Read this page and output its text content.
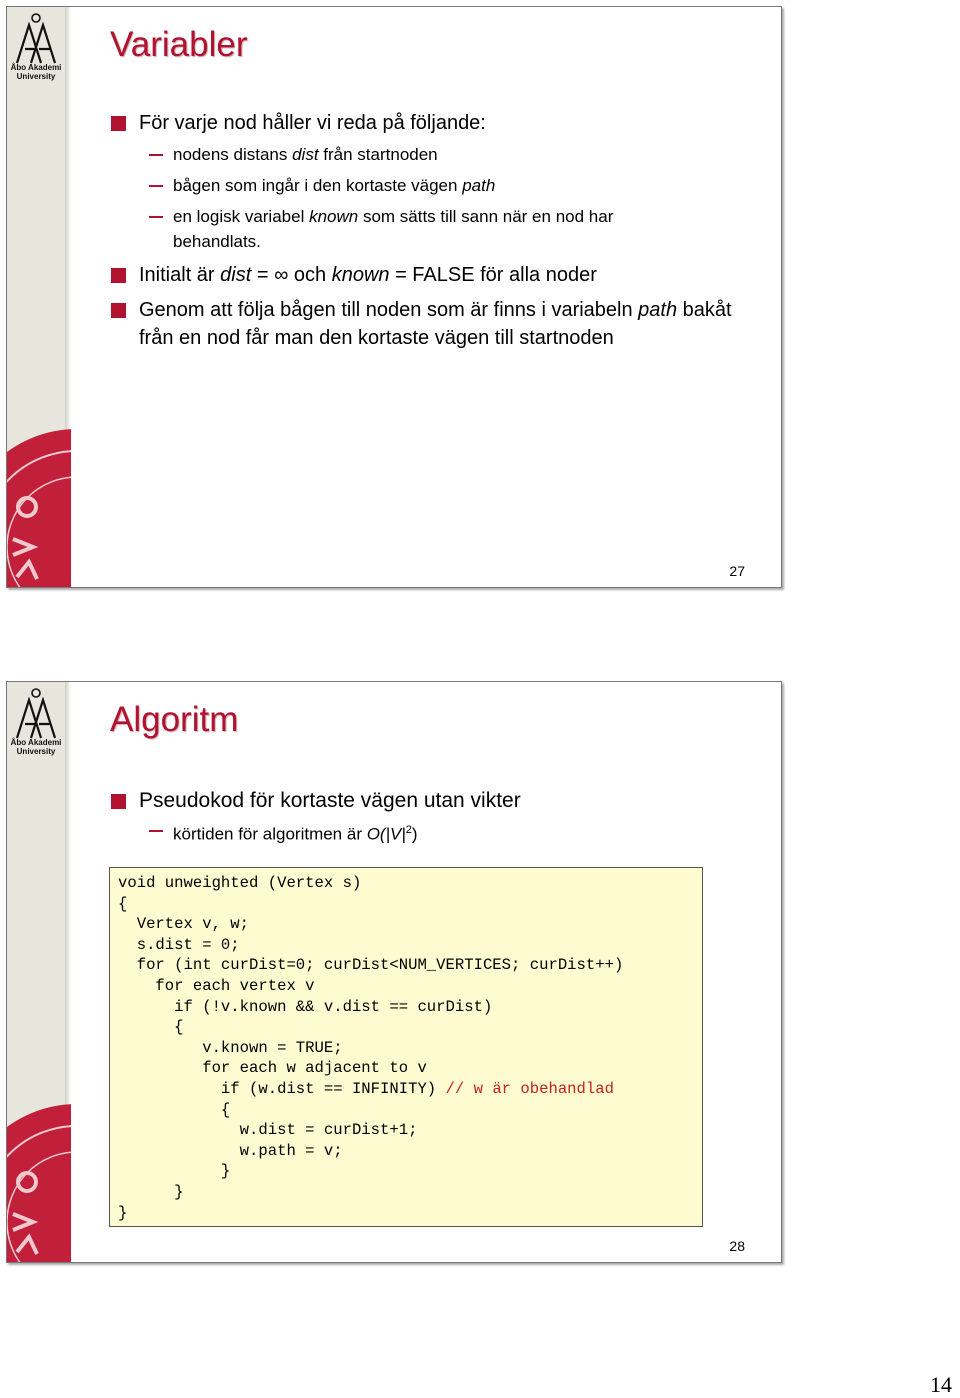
Åbo Akademi
University
Variabler
För varje nod håller vi reda på följande:
nodens distans dist från startnoden
bågen som ingår i den kortaste vägen path
en logisk variabel known som sätts till sann när en nod har behandlats.
Initialt är dist = ∞ och known = FALSE för alla noder
Genom att följa bågen till noden som är finns i variabeln path bakåt från en nod får man den kortaste vägen till startnoden
27
Åbo Akademi
University
Algoritm
Pseudokod för kortaste vägen utan vikter
körtiden för algoritmen är $O(|V|^2)$
void unweighted (Vertex s)
{
Vertex v, w;
s.dist = 0;
for (int curDist=0; curDist<NUM_VERTICES; curDist++)
for each vertex v
if (!v.known && v.dist == curDist)
{
v.known = TRUE;
for each w adjacent to v
if (w.dist == INFINITY) // w är obehandlad
{
w.dist = curDist+1;
w.path = v;
}
}
}
28
14
